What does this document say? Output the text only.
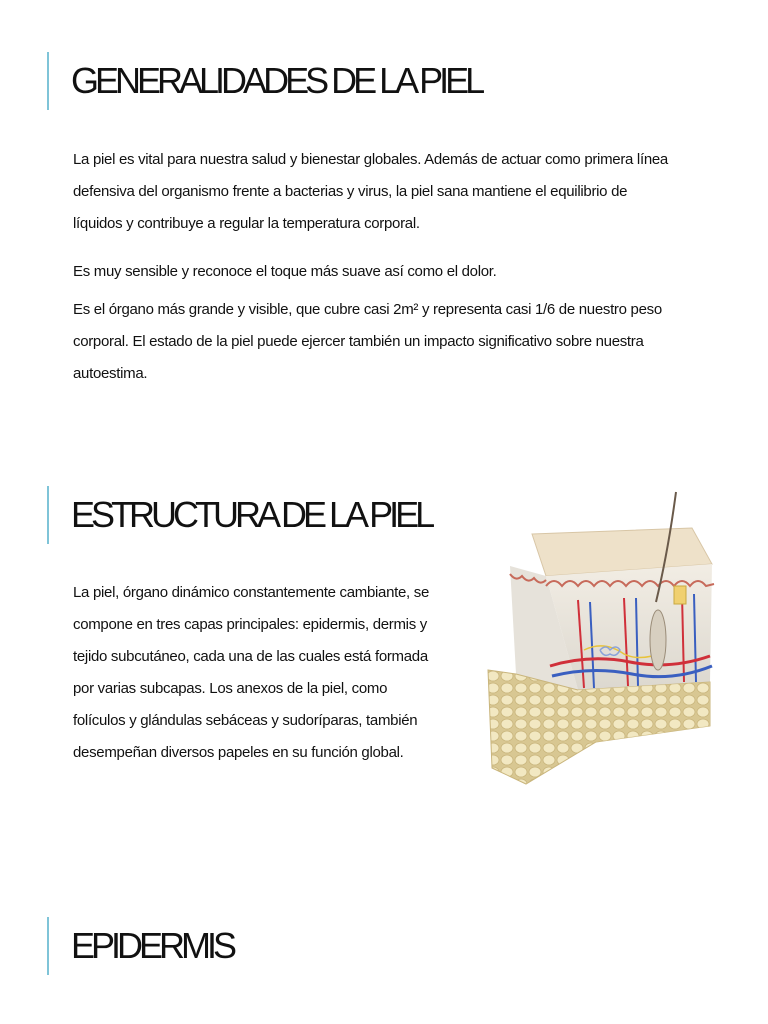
GENERALIDADES DE LA PIEL

La piel es vital para nuestra salud y bienestar globales. Además de actuar como primera línea defensiva del organismo frente a bacterias y virus, la piel sana mantiene el equilibrio de líquidos y contribuye a regular la temperatura corporal.

Es muy sensible y reconoce el toque más suave así como el dolor.

Es el órgano más grande y visible, que cubre casi 2m² y representa casi 1/6 de nuestro peso corporal. El estado de la piel puede ejercer también un impacto significativo sobre nuestra autoestima.

ESTRUCTURA DE LA PIEL

La piel, órgano dinámico constantemente cambiante, se compone en tres capas principales: epidermis, dermis y tejido subcutáneo, cada una de las cuales está formada por varias subcapas. Los anexos de la piel, como folículos y glándulas sebáceas y sudoríparas, también desempeñan diversos papeles en su función global.

EPIDERMIS
